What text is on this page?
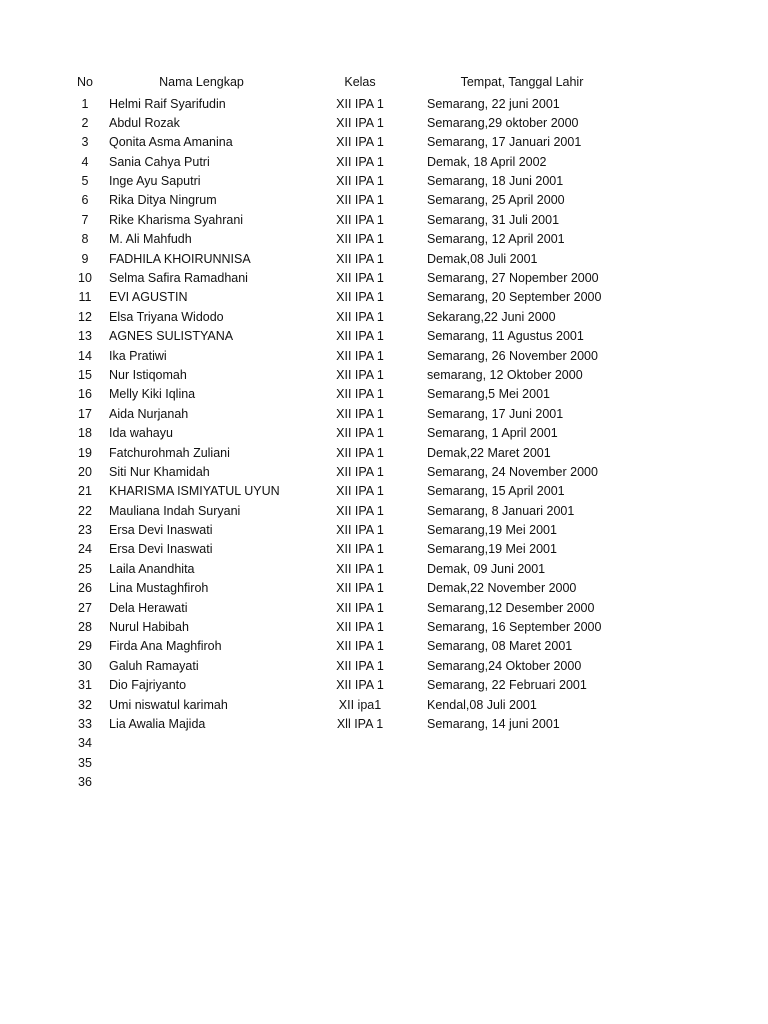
No	Nama Lengkap	Kelas	Tempat, Tanggal Lahir
1	Helmi Raif Syarifudin	XII IPA 1	Semarang, 22 juni 2001
2	Abdul Rozak	XII IPA 1	Semarang,29 oktober 2000
3	Qonita Asma Amanina	XII IPA 1	Semarang, 17 Januari 2001
4	Sania Cahya Putri	XII IPA 1	Demak, 18 April 2002
5	Inge Ayu Saputri	XII IPA 1	Semarang, 18 Juni 2001
6	Rika Ditya Ningrum	XII IPA 1	Semarang, 25 April 2000
7	Rike Kharisma Syahrani	XII IPA 1	Semarang, 31 Juli 2001
8	M. Ali Mahfudh	XII IPA 1	Semarang, 12 April 2001
9	FADHILA KHOIRUNNISA	XII IPA 1	Demak,08 Juli 2001
10	Selma Safira Ramadhani	XII IPA 1	Semarang, 27 Nopember 2000
11	EVI AGUSTIN	XII IPA 1	Semarang, 20 September 2000
12	Elsa Triyana Widodo	XII IPA 1	Sekarang,22 Juni 2000
13	AGNES SULISTYANA	XII IPA 1	Semarang, 11 Agustus 2001
14	Ika Pratiwi	XII IPA 1	Semarang, 26 November 2000
15	Nur Istiqomah	XII IPA 1	semarang, 12 Oktober 2000
16	Melly Kiki Iqlina	XII IPA 1	Semarang,5 Mei 2001
17	Aida Nurjanah	XII IPA 1	Semarang, 17 Juni 2001
18	Ida wahayu	XII IPA 1	Semarang, 1 April 2001
19	Fatchurohmah Zuliani	XII IPA 1	Demak,22 Maret 2001
20	Siti Nur Khamidah	XII IPA 1	Semarang, 24 November 2000
21	KHARISMA ISMIYATUL UYUN	XII IPA 1	Semarang, 15 April 2001
22	Mauliana Indah Suryani	XII IPA 1	Semarang, 8 Januari 2001
23	Ersa Devi Inaswati	XII IPA 1	Semarang,19 Mei 2001
24	Ersa Devi Inaswati	XII IPA 1	Semarang,19 Mei 2001
25	Laila Anandhita	XII IPA 1	Demak, 09 Juni 2001
26	Lina Mustaghfiroh	XII IPA 1	Demak,22 November 2000
27	Dela Herawati	XII IPA 1	Semarang,12 Desember 2000
28	Nurul Habibah	XII IPA 1	Semarang, 16 September 2000
29	Firda Ana Maghfiroh	XII IPA 1	Semarang, 08 Maret 2001
30	Galuh Ramayati	XII IPA 1	Semarang,24 Oktober 2000
31	Dio Fajriyanto	XII IPA 1	Semarang, 22 Februari 2001
32	Umi niswatul karimah	XII ipa1	Kendal,08 Juli 2001
33	Lia Awalia Majida	Xll IPA 1	Semarang, 14 juni 2001
34
35
36
